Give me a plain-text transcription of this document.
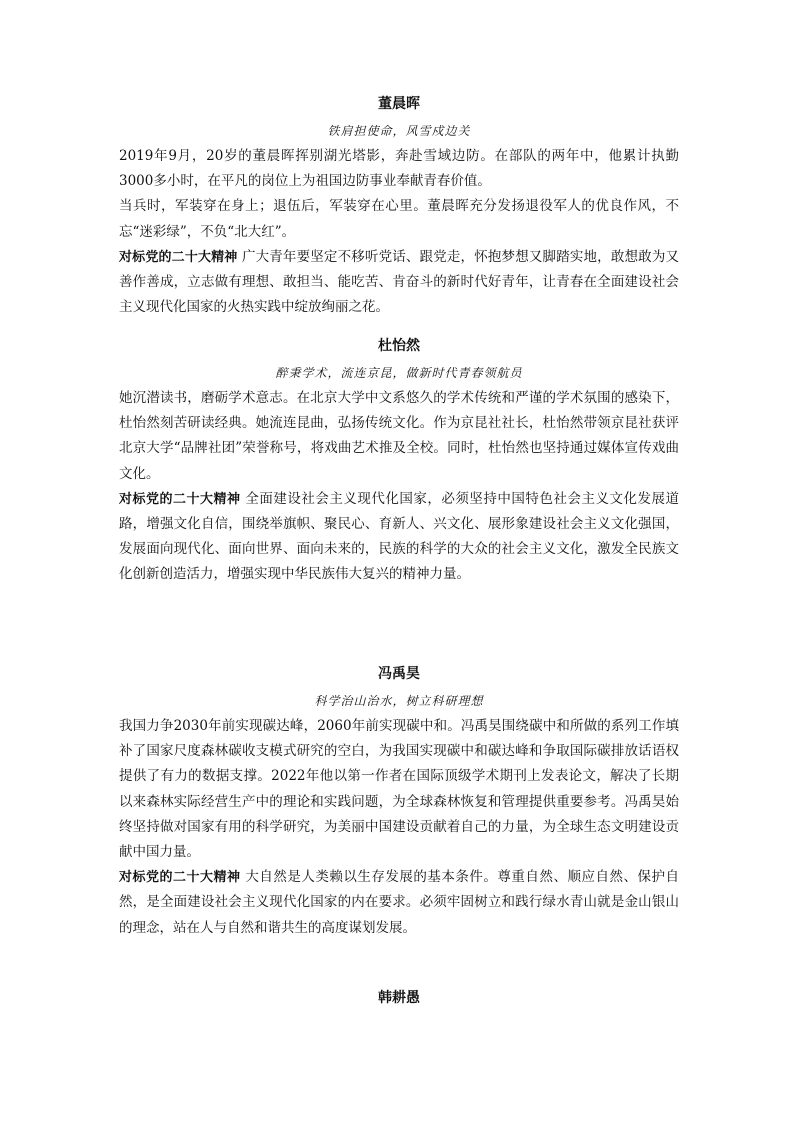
董晨晖
铁肩担使命，风雪戍边关

2019年9月，20岁的董晨晖挥别湖光塔影，奔赴雪域边防。在部队的两年中，他累计执勤3000多小时，在平凡的岗位上为祖国边防事业奉献青春价值。

当兵时，军装穿在身上；退伍后，军装穿在心里。董晨晖充分发扬退役军人的优良作风，不忘“迷彩绿”，不负“北大红”。

对标党的二十大精神 广大青年要坚定不移听党话、跟党走，怀抱梦想又脚踏实地，敢想敢为又善作善成，立志做有理想、敢担当、能吃苦、肯奋斗的新时代好青年，让青春在全面建设社会主义现代化国家的火热实践中绽放绚丽之花。

杜怡然
醉秉学术，流连京昆，做新时代青春领航员

她沉潜读书，磨砺学术意志。在北京大学中文系悠久的学术传统和严谨的学术氛围的感染下，杜怡然刻苦研读经典。她流连昆曲，弘扬传统文化。作为京昆社社长，杜怡然带领京昆社获评北京大学“品牌社团”荣誉称号，将戏曲艺术推及全校。同时，杜怡然也坚持通过媒体宣传戏曲文化。

对标党的二十大精神 全面建设社会主义现代化国家，必须坚持中国特色社会主义文化发展道路，增强文化自信，围绕举旗帜、聚民心、育新人、兴文化、展形象建设社会主义文化强国，发展面向现代化、面向世界、面向未来的，民族的科学的大众的社会主义文化，激发全民族文化创新创造活力，增强实现中华民族伟大复兴的精神力量。

冯禹昊
科学治山治水，树立科研理想

我国力争2030年前实现碳达峰，2060年前实现碳中和。冯禹昊围绕碳中和所做的系列工作填补了国家尺度森林碳收支模式研究的空白，为我国实现碳中和碳达峰和争取国际碳排放话语权提供了有力的数据支撑。2022年他以第一作者在国际顶级学术期刊上发表论文，解决了长期以来森林实际经营生产中的理论和实践问题，为全球森林恢复和管理提供重要参考。冯禹昊始终坚持做对国家有用的科学研究，为美丽中国建设贡献着自己的力量，为全球生态文明建设贡献中国力量。

对标党的二十大精神 大自然是人类赖以生存发展的基本条件。尊重自然、顺应自然、保护自然，是全面建设社会主义现代化国家的内在要求。必须牢固树立和践行绿水青山就是金山银山的理念，站在人与自然和谐共生的高度谋划发展。

韩耕愚
